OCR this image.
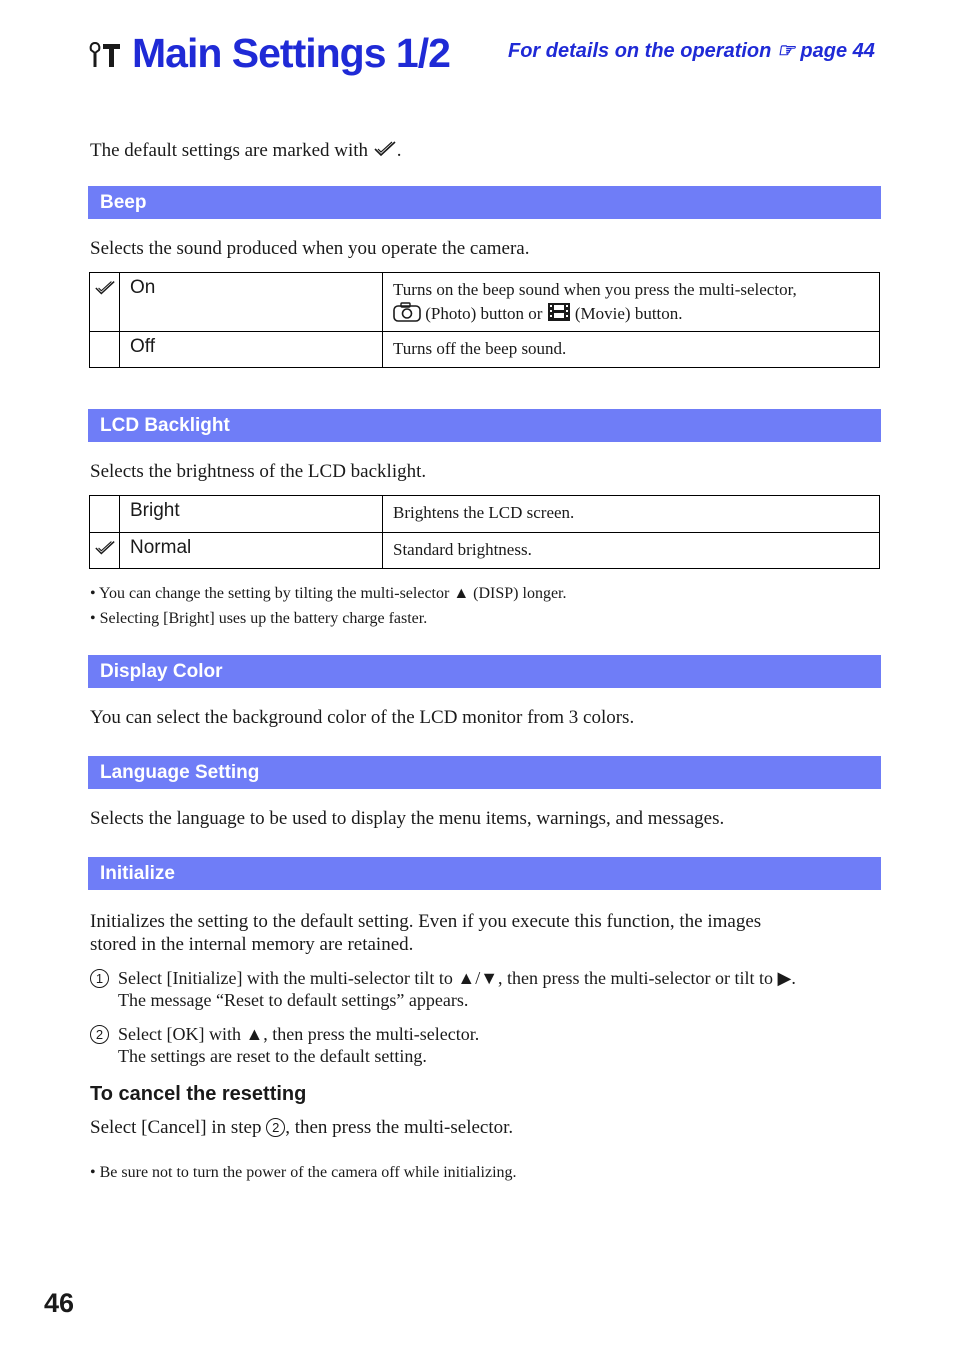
Main Settings 1/2	For details on the operation ☞ page 44
The default settings are marked with .
Beep
Selects the sound produced when you operate the camera.
	On	Turns on the beep sound when you press the multi-selector,
(Photo) button or (Movie) button.
	Off	Turns off the beep sound.
LCD Backlight
Selects the brightness of the LCD backlight.
	Bright	Brightens the LCD screen.
	Normal	Standard brightness.
• You can change the setting by tilting the multi-selector ▲ (DISP) longer.
• Selecting [Bright] uses up the battery charge faster.
Display Color
You can select the background color of the LCD monitor from 3 colors.
Language Setting
Selects the language to be used to display the menu items, warnings, and messages.
Initialize
Initializes the setting to the default setting. Even if you execute this function, the images
stored in the internal memory are retained.
1 Select [Initialize] with the multi-selector tilt to ▲/▼, then press the multi-selector or tilt to ▶.
The message “Reset to default settings” appears.
2 Select [OK] with ▲, then press the multi-selector.
The settings are reset to the default setting.
To cancel the resetting
Select [Cancel] in step 2 , then press the multi-selector.
• Be sure not to turn the power of the camera off while initializing.
46
